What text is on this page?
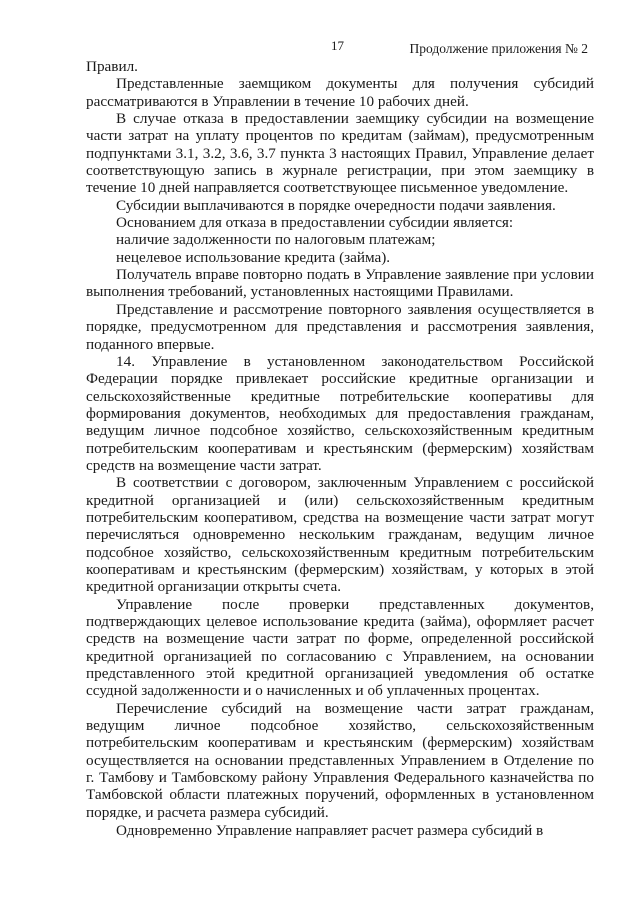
17	Продолжение приложения № 2

Правил.

Представленные заемщиком документы для получения субсидий рассматриваются в Управлении в течение 10 рабочих дней.

В случае отказа в предоставлении заемщику субсидии на возмещение части затрат на уплату процентов по кредитам (займам), предусмотренным подпунктами 3.1, 3.2, 3.6, 3.7 пункта 3 настоящих Правил, Управление делает соответствующую запись в журнале регистрации, при этом заемщику в течение 10 дней направляется соответствующее письменное уведомление.

Субсидии выплачиваются в порядке очередности подачи заявления.

Основанием для отказа в предоставлении субсидии является:

наличие задолженности по налоговым платежам;

нецелевое использование кредита (займа).

Получатель вправе повторно подать в Управление заявление при условии выполнения требований, установленных настоящими Правилами.

Представление и рассмотрение повторного заявления осуществляется в порядке, предусмотренном для представления и рассмотрения заявления, поданного впервые.

14. Управление в установленном законодательством Российской Федерации порядке привлекает российские кредитные организации и сельскохозяйственные кредитные потребительские кооперативы для формирования документов, необходимых для предоставления гражданам, ведущим личное подсобное хозяйство, сельскохозяйственным кредитным потребительским кооперативам и крестьянским (фермерским) хозяйствам средств на возмещение части затрат.

В соответствии с договором, заключенным Управлением с российской кредитной организацией и (или) сельскохозяйственным кредитным потребительским кооперативом, средства на возмещение части затрат могут перечисляться одновременно нескольким гражданам, ведущим личное подсобное хозяйство, сельскохозяйственным кредитным потребительским кооперативам и крестьянским (фермерским) хозяйствам, у которых в этой кредитной организации открыты счета.

Управление после проверки представленных документов, подтверждающих целевое использование кредита (займа), оформляет расчет средств на возмещение части затрат по форме, определенной российской кредитной организацией по согласованию с Управлением, на основании представленного этой кредитной организацией уведомления об остатке ссудной задолженности и о начисленных и об уплаченных процентах.

Перечисление субсидий на возмещение части затрат гражданам, ведущим личное подсобное хозяйство, сельскохозяйственным потребительским кооперативам и крестьянским (фермерским) хозяйствам осуществляется на основании представленных Управлением в Отделение по г. Тамбову и Тамбовскому району Управления Федерального казначейства по Тамбовской области платежных поручений, оформленных в установленном порядке, и расчета размера субсидий.

Одновременно Управление направляет расчет размера субсидий в
